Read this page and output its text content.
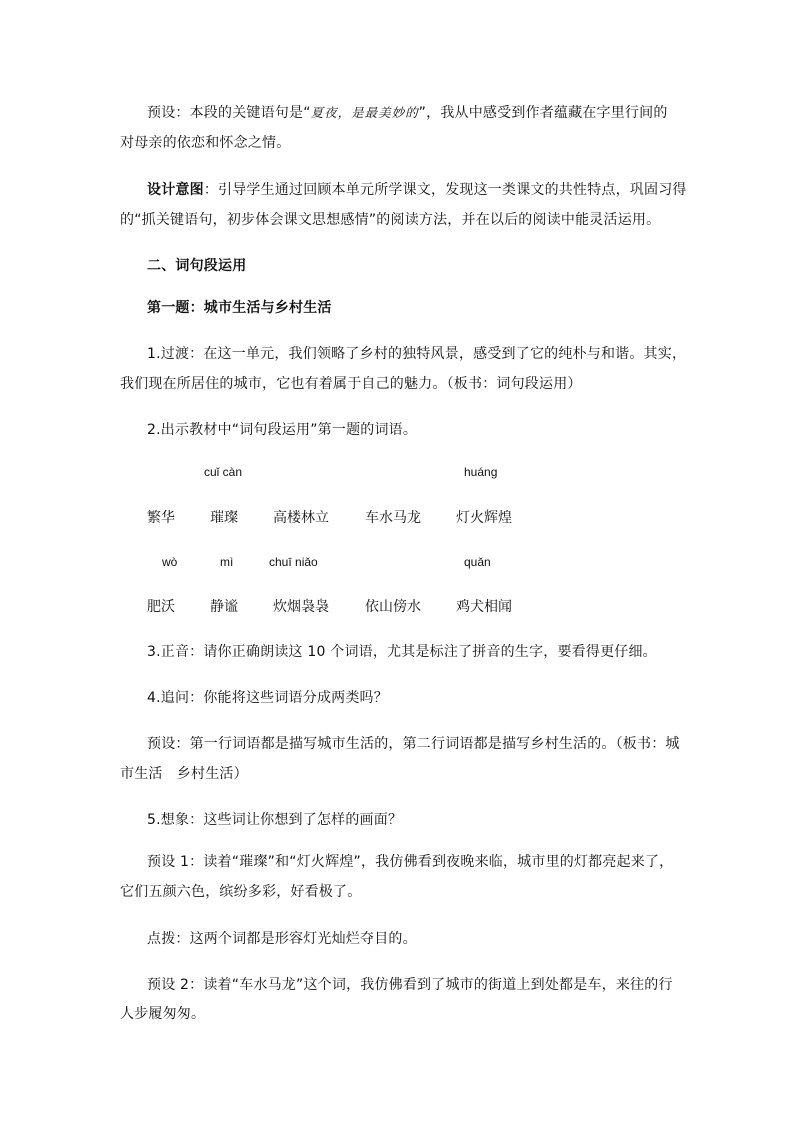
预设：本段的关键语句是“夏夜，是最美妙的”，我从中感受到作者蕴藏在字里行间的
对母亲的依恋和怀念之情。
设计意图：引导学生通过回顾本单元所学课文，发现这一类课文的共性特点，巩固习得
的“抓关键语句，初步体会课文思想感情”的阅读方法，并在以后的阅读中能灵活运用。
二、词句段运用
第一题：城市生活与乡村生活
1.过渡：在这一单元，我们领略了乡村的独特风景，感受到了它的纯朴与和谐。其实，
我们现在所居住的城市，它也有着属于自己的魅力。（板书：词句段运用）
2.出示教材中“词句段运用”第一题的词语。
cuǐ càn	huáng
繁华	璀璨	高楼林立	车水马龙	灯火辉煌
wò	mì	chuī niǎo	quǎn
肥沃	静谧	炊烟袅袅	依山傍水	鸡犬相闻
3.正音：请你正确朗读这 10 个词语，尤其是标注了拼音的生字，要看得更仔细。
4.追问：你能将这些词语分成两类吗？
预设：第一行词语都是描写城市生活的，第二行词语都是描写乡村生活的。（板书：城
市生活　乡村生活）
5.想象：这些词让你想到了怎样的画面？
预设 1：读着“璀璨”和“灯火辉煌”，我仿佛看到夜晚来临，城市里的灯都亮起来了，
它们五颜六色，缤纷多彩，好看极了。
点拨：这两个词都是形容灯光灿烂夺目的。
预设 2：读着“车水马龙”这个词，我仿佛看到了城市的街道上到处都是车，来往的行
人步履匆匆。
